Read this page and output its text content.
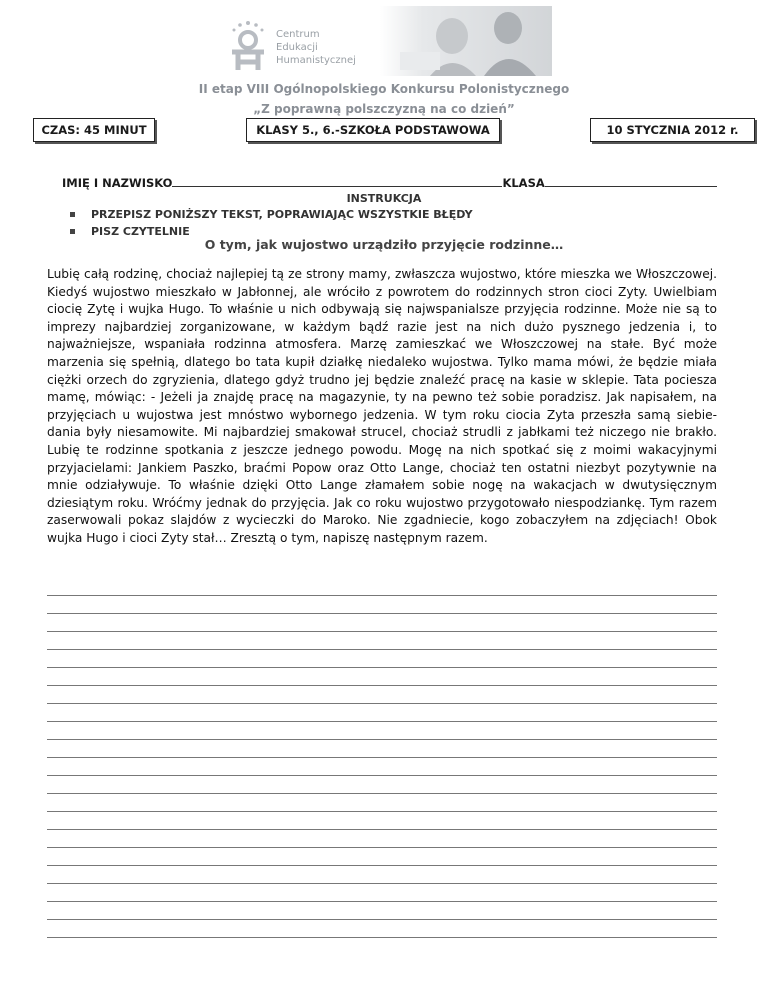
Centrum
Edukacji
Humanistycznej
II etap VIII Ogólnopolskiego Konkursu Polonistycznego
„Z poprawną polszczyzną na co dzień”
CZAS: 45 MINUT	KLASY 5., 6.-SZKOŁA PODSTAWOWA	10 STYCZNIA 2012 r.
IMIĘ I NAZWISKO	KLASA
INSTRUKCJA
PRZEPISZ PONIŻSZY TEKST, POPRAWIAJĄC WSZYSTKIE BŁĘDY
PISZ CZYTELNIE
O tym, jak wujostwo urządziło przyjęcie rodzinne…

Lubię całą rodzinę, chociaż najlepiej tą ze strony mamy, zwłaszcza wujostwo, które mieszka we Włoszczowej. Kiedyś wujostwo mieszkało w Jabłonnej, ale wróciło z powrotem do rodzinnych stron cioci Zyty. Uwielbiam ciocię Zytę i wujka Hugo. To właśnie u nich odbywają się najwspanialsze przyjęcia rodzinne. Może nie są to imprezy najbardziej zorganizowane, w każdym bądź razie jest na nich dużo pysznego jedzenia i, to najważniejsze, wspaniała rodzinna atmosfera. Marzę zamieszkać we Włoszczowej na stałe. Być może marzenia się spełnią, dlatego bo tata kupił działkę niedaleko wujostwa. Tylko mama mówi, że będzie miała ciężki orzech do zgryzienia, dlatego gdyż trudno jej będzie znaleźć pracę na kasie w sklepie. Tata pociesza mamę, mówiąc: - Jeżeli ja znajdę pracę na magazynie, ty na pewno też sobie poradzisz. Jak napisałem, na przyjęciach u wujostwa jest mnóstwo wybornego jedzenia. W tym roku ciocia Zyta przeszła samą siebie-dania były niesamowite. Mi najbardziej smakował strucel, chociaż strudli z jabłkami też niczego nie brakło. Lubię te rodzinne spotkania z jeszcze jednego powodu. Mogę na nich spotkać się z moimi wakacyjnymi przyjacielami: Jankiem Paszko, braćmi Popow oraz Otto Lange, chociaż ten ostatni niezbyt pozytywnie na mnie odziaływuje. To właśnie dzięki Otto Lange złamałem sobie nogę na wakacjach w dwutysięcznym dziesiątym roku. Wróćmy jednak do przyjęcia. Jak co roku wujostwo przygotowało niespodziankę. Tym razem zaserwowali pokaz slajdów z wycieczki do Maroko. Nie zgadniecie, kogo zobaczyłem na zdjęciach! Obok wujka Hugo i cioci Zyty stał… Zresztą o tym, napiszę następnym razem.
